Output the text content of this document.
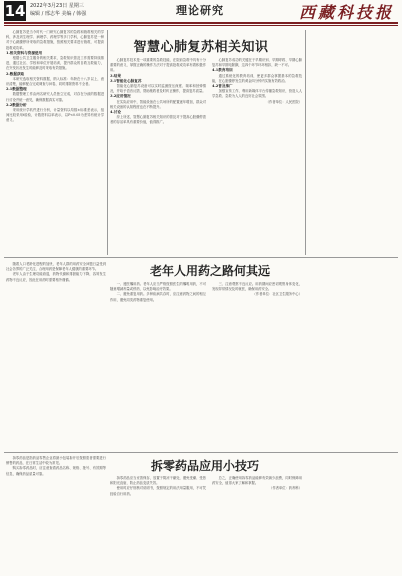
14 2022年3月23日 星期三
编辑 / 邢志华 美编 / 韩强	理论研究	西藏科技报
智慧心肺复苏相关知识

心肺复苏是当今时代一门研究心肺复苏的急救和施救相关的学科，涉及到生理学、病理学、药理学等多门学科，心肺复苏是一种对于心跳骤停所采取的急救措施，按照相关要求进行施救，可提高抢救成功率。

1.相关资料与资源使用

根据公共卫生服务的相关要求，急救知识普及工作需要持续推进，通过社区、学校和单位开展培训，提升群众的自救互救能力，在突发状况发生时能够及时采取有效措施。

2.数据获取

本研究选取相关资料数据，纳入标准：年龄在十八岁以上，意识清楚，能够配合完成调查与问卷，同时排除资料不全者。

2.1数据整理

数据整理工作由两名研究人员独立完成，对存在分歧的数据进行讨论并统一意见，确保数据真实可靠。

2.2数据分析

采用统计学软件进行分析，计量资料以均数±标准差表示，组间比较采用t检验，计数资料以率表示，以P<0.05为差异有统计学意义。

心肺复苏技术是一项重要的急救技能，在院前急救中具有十分重要的意义，掌握正确的操作方法对于提高抢救成功率有着积极作用。

3.结果

3.1智能化心肺复苏

智能化心肺复苏设备可以实时监测按压深度、频率和回弹情况，并给予语音反馈，帮助施救者及时纠正操作，提高复苏质量。

3.2应用情况

在实际应用中，智能设备在公共场所的配置逐年增加，群众对相关设备的认知程度也在不断提升。

4.讨论

综上所述，智慧心肺复苏相关知识的普及对于提高心脏骤停患者的存活率具有重要价值，值得推广。

心肺复苏成功的关键在于早期识别、早期呼救、早期心肺复苏和早期电除颤，这四个环节环环相扣，缺一不可。

4.1教育培训

通过系统化的教育培训，使更多群众掌握基本的急救技能，在心脏骤停发生的黄金四分钟内实施有效救治。

4.2普及推广

加强宣传工作，利用新媒体平台传播急救知识，营造人人学急救、急救为人人的良好社会氛围。

（作者单位：人民医院）

老年人用药之路何其远

随着人口老龄化进程的加快，老年人群的用药安全问题日益受到社会各界的广泛关注，合理用药是保障老年人健康的重要环节。

老年人由于生理功能衰退，药物代谢和排泄能力下降，容易发生药物不良反应，因此在用药时需要格外谨慎。

一、遵医嘱用药。老年人应当严格按照医生的嘱咐用药，不可随意增减剂量或停药，以免影响治疗效果。

二、避免重复用药。多种疾病共存时，应注意药物之间的相互作用，避免同类药物重复使用。

三、注意观察不良反应。用药期间应密切观察身体变化，发现异常情况及时就医，确保用药安全。

（作者单位：社区卫生服务中心）

拆零药品应用小技巧

拆零药品是指药品零售企业将最小包装拆开后按照患者需要进行销售的药品，在日常生活中较为常见。

购买拆零药品时，应注意查看药品名称、规格、批号、有效期等信息，确保药品质量可靠。

拆零药品应当妥善保存，放置于阴凉干燥处，避免受潮、受热和阳光直射，防止药品变质失效。

使用时应仔细核对说明书，按照规定的用法用量服用，不可凭经验自行用药。

总之，正确使用拆零药品能够有效减少浪费，同时保障用药安全，值得大家了解和掌握。

（作者单位：药剂科）
